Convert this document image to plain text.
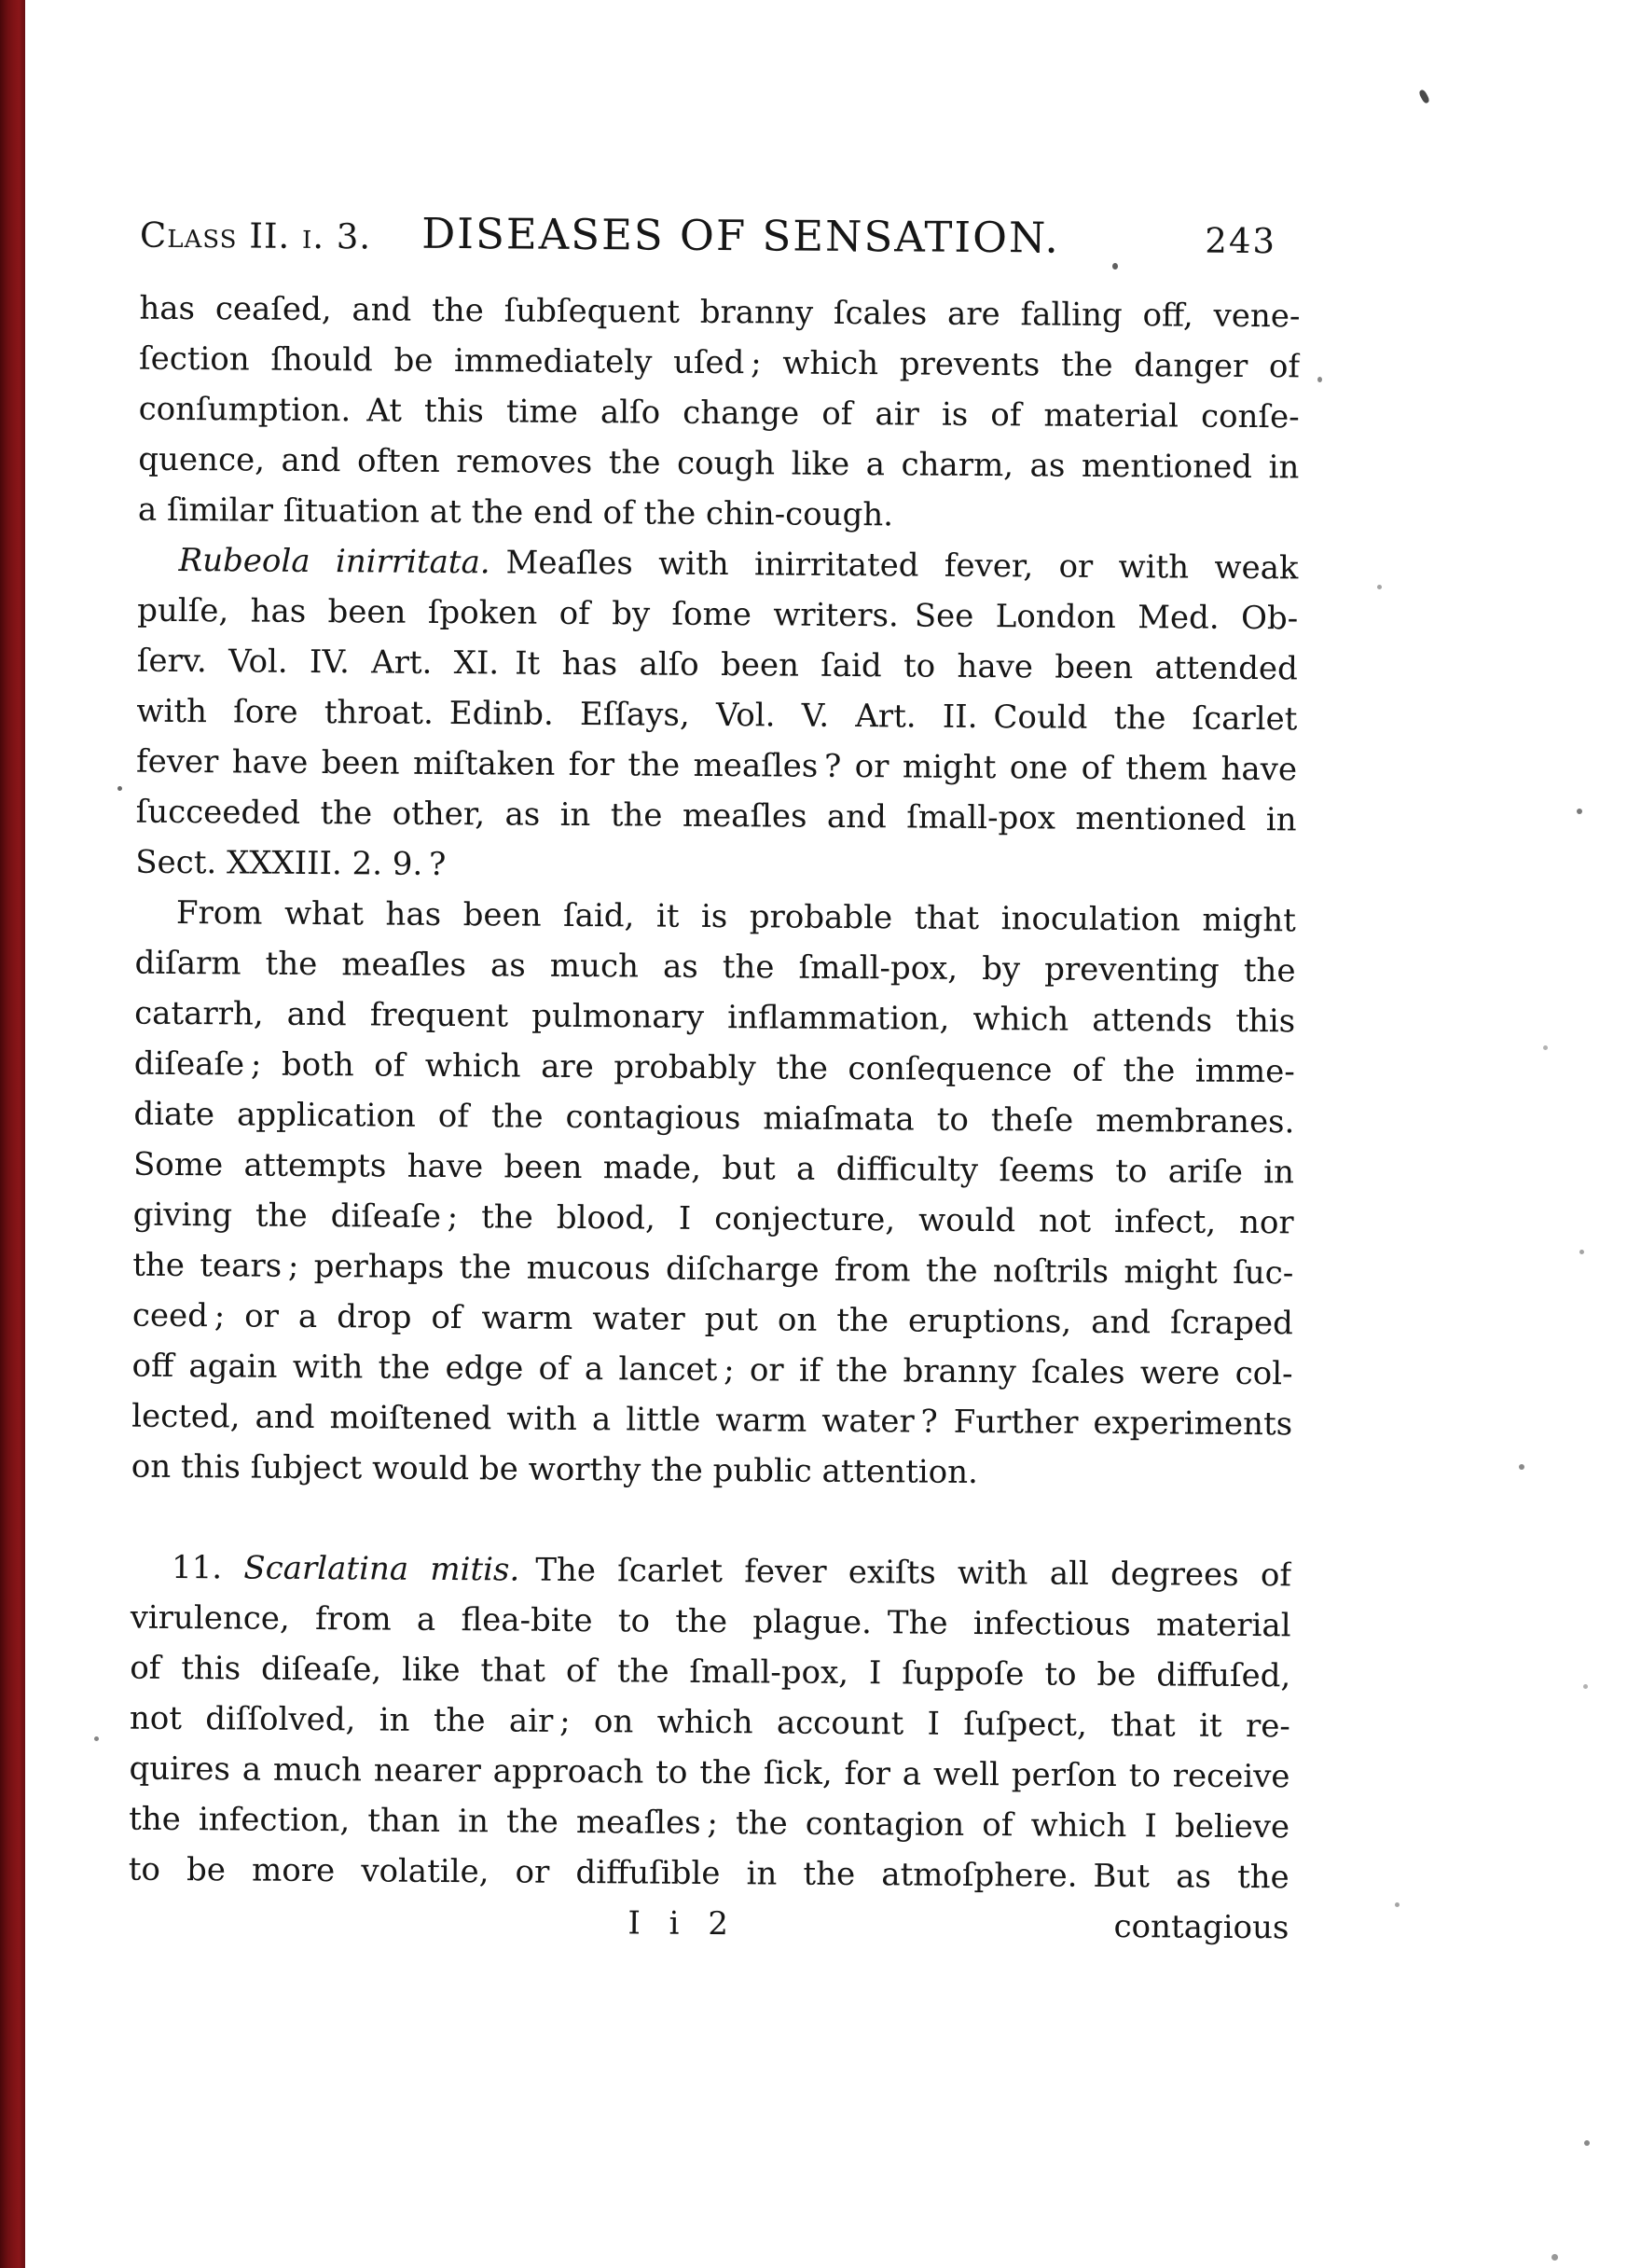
Class II. i. 3. DISEASES OF SENSATION.	243
has ceaſed, and the ſubſequent branny ſcales are falling off, vene-
ſection ſhould be immediately uſed ; which prevents the danger of
conſumption. At this time alſo change of air is of material conſe-
quence, and often removes the cough like a charm, as mentioned in
a ſimilar ſituation at the end of the chin-cough.
Rubeola inirritata. Meaſles with inirritated fever, or with weak
pulſe, has been ſpoken of by ſome writers. See London Med. Ob-
ſerv. Vol. IV. Art. XI. It has alſo been ſaid to have been attended
with ſore throat. Edinb. Eſſays, Vol. V. Art. II. Could the ſcarlet
fever have been miſtaken for the meaſles ? or might one of them have
ſucceeded the other, as in the meaſles and ſmall-pox mentioned in
Sect. XXXIII. 2. 9. ?
From what has been ſaid, it is probable that inoculation might
diſarm the meaſles as much as the ſmall-pox, by preventing the
catarrh, and frequent pulmonary inflammation, which attends this
diſeaſe ; both of which are probably the conſequence of the imme-
diate application of the contagious miaſmata to theſe membranes.
Some attempts have been made, but a difficulty ſeems to ariſe in
giving the diſeaſe ; the blood, I conjecture, would not infect, nor
the tears ; perhaps the mucous diſcharge from the noſtrils might ſuc-
ceed ; or a drop of warm water put on the eruptions, and ſcraped
off again with the edge of a lancet ; or if the branny ſcales were col-
lected, and moiſtened with a little warm water ? Further experiments
on this ſubject would be worthy the public attention.
11. Scarlatina mitis. The ſcarlet fever exiſts with all degrees of
virulence, from a flea-bite to the plague. The infectious material
of this diſeaſe, like that of the ſmall-pox, I ſuppoſe to be diffuſed,
not diſſolved, in the air ; on which account I ſuſpect, that it re-
quires a much nearer approach to the ſick, for a well perſon to receive
the infection, than in the meaſles ; the contagion of which I believe
to be more volatile, or diffuſible in the atmoſphere. But as the
I i 2	contagious
